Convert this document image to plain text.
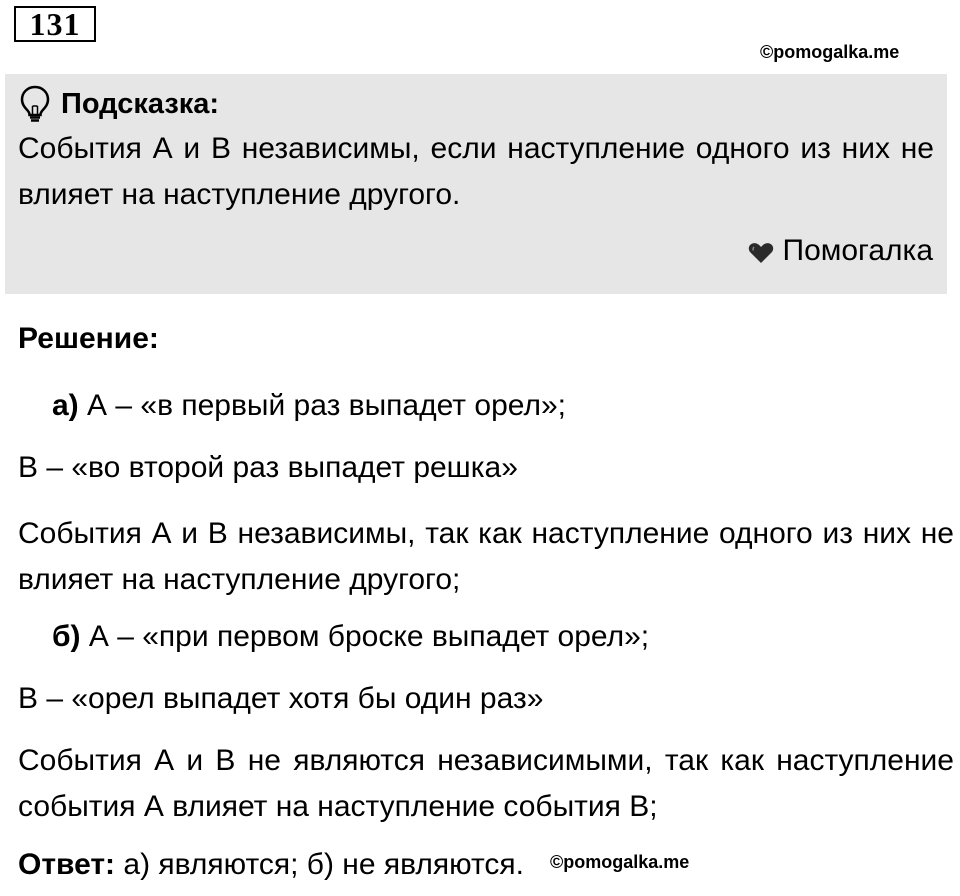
131
©pomogalka.me
Подсказка:
События А и В независимы, если наступление одного из них не влияет на наступление другого.
Помогалка
Решение:
а) А – «в первый раз выпадет орел»;
В – «во второй раз выпадет решка»
События А и В независимы, так как наступление одного из них не влияет на наступление другого;
б) А – «при первом броске выпадет орел»;
В – «орел выпадет хотя бы один раз»
События А и В не являются независимыми, так как наступление события А влияет на наступление события В;
Ответ: а) являются; б) не являются. ©pomogalka.me
